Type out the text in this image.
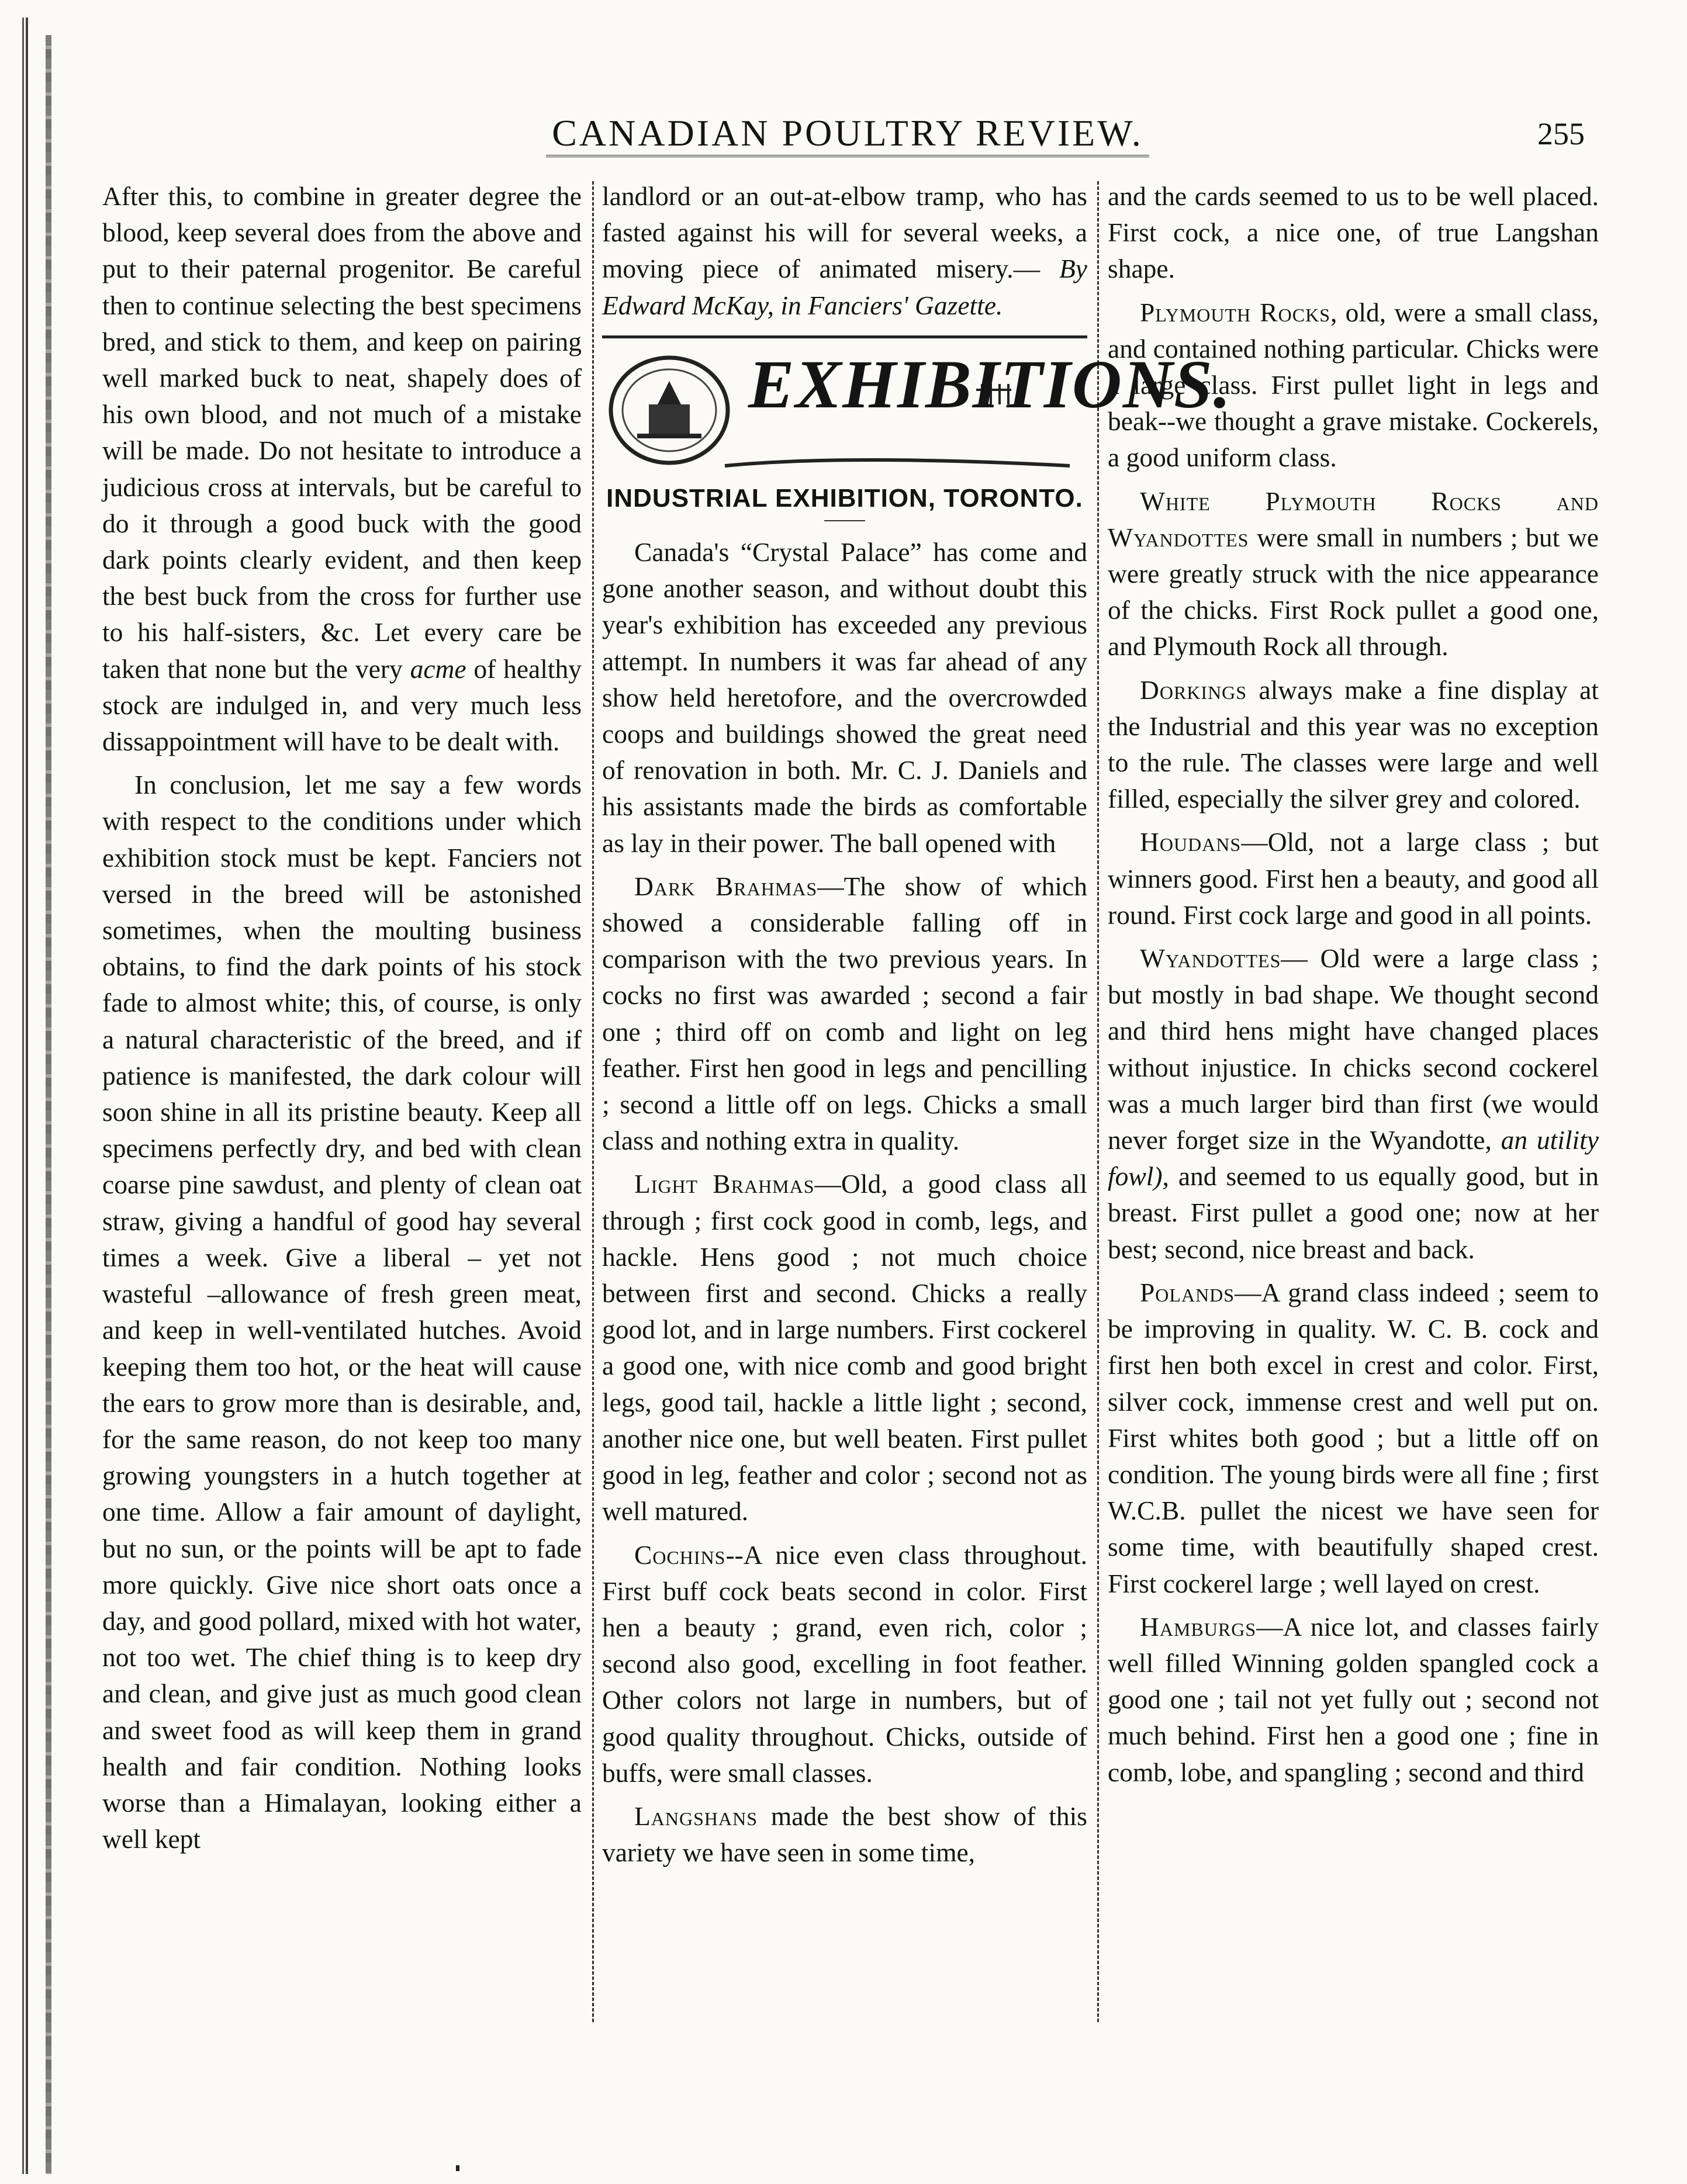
CANADIAN POULTRY REVIEW.	255

After this, to combine in greater degree the blood, keep several does from the above and put to their paternal progenitor. Be careful then to continue selecting the best specimens bred, and stick to them, and keep on pairing well marked buck to neat, shapely does of his own blood, and not much of a mistake will be made. Do not hesitate to introduce a judicious cross at intervals, but be careful to do it through a good buck with the good dark points clearly evident, and then keep the best buck from the cross for further use to his half-sisters, &c. Let every care be taken that none but the very acme of healthy stock are indulged in, and very much less dissappointment will have to be dealt with.

In conclusion, let me say a few words with respect to the conditions under which exhibition stock must be kept. Fanciers not versed in the breed will be astonished sometimes, when the moulting business obtains, to find the dark points of his stock fade to almost white; this, of course, is only a natural characteristic of the breed, and if patience is manifested, the dark colour will soon shine in all its pristine beauty. Keep all specimens perfectly dry, and bed with clean coarse pine sawdust, and plenty of clean oat straw, giving a handful of good hay several times a week. Give a liberal – yet not wasteful –allowance of fresh green meat, and keep in well-ventilated hutches. Avoid keeping them too hot, or the heat will cause the ears to grow more than is desirable, and, for the same reason, do not keep too many growing youngsters in a hutch together at one time. Allow a fair amount of daylight, but no sun, or the points will be apt to fade more quickly. Give nice short oats once a day, and good pollard, mixed with hot water, not too wet. The chief thing is to keep dry and clean, and give just as much good clean and sweet food as will keep them in grand health and fair condition. Nothing looks worse than a Himalayan, looking either a well kept

landlord or an out-at-elbow tramp, who has fasted against his will for several weeks, a moving piece of animated misery.— By Edward McKay, in Fanciers' Gazette.

EXHIBITIONS.
INDUSTRIAL EXHIBITION, TORONTO.

Canada's “Crystal Palace” has come and gone another season, and without doubt this year's exhibition has exceeded any previous attempt. In numbers it was far ahead of any show held heretofore, and the overcrowded coops and buildings showed the great need of renovation in both. Mr. C. J. Daniels and his assistants made the birds as comfortable as lay in their power. The ball opened with

Dark Brahmas—The show of which showed a considerable falling off in comparison with the two previous years. In cocks no first was awarded ; second a fair one ; third off on comb and light on leg feather. First hen good in legs and pencilling ; second a little off on legs. Chicks a small class and nothing extra in quality.

Light Brahmas—Old, a good class all through ; first cock good in comb, legs, and hackle. Hens good ; not much choice between first and second. Chicks a really good lot, and in large numbers. First cockerel a good one, with nice comb and good bright legs, good tail, hackle a little light ; second, another nice one, but well beaten. First pullet good in leg, feather and color ; second not as well matured.

Cochins--A nice even class throughout. First buff cock beats second in color. First hen a beauty ; grand, even rich, color ; second also good, excelling in foot feather. Other colors not large in numbers, but of good quality throughout. Chicks, outside of buffs, were small classes.

Langshans made the best show of this variety we have seen in some time,

and the cards seemed to us to be well placed. First cock, a nice one, of true Langshan shape.

Plymouth Rocks, old, were a small class, and contained nothing particular. Chicks were a large class. First pullet light in legs and beak--we thought a grave mistake. Cockerels, a good uniform class.

White Plymouth Rocks and Wyandottes were small in numbers ; but we were greatly struck with the nice appearance of the chicks. First Rock pullet a good one, and Plymouth Rock all through.

Dorkings always make a fine display at the Industrial and this year was no exception to the rule. The classes were large and well filled, especially the silver grey and colored.

Houdans—Old, not a large class ; but winners good. First hen a beauty, and good all round. First cock large and good in all points.

Wyandottes— Old were a large class ; but mostly in bad shape. We thought second and third hens might have changed places without injustice. In chicks second cockerel was a much larger bird than first (we would never forget size in the Wyandotte, an utility fowl), and seemed to us equally good, but in breast. First pullet a good one; now at her best; second, nice breast and back.

Polands—A grand class indeed ; seem to be improving in quality. W. C. B. cock and first hen both excel in crest and color. First, silver cock, immense crest and well put on. First whites both good ; but a little off on condition. The young birds were all fine ; first W.C.B. pullet the nicest we have seen for some time, with beautifully shaped crest. First cockerel large ; well layed on crest.

Hamburgs—A nice lot, and classes fairly well filled Winning golden spangled cock a good one ; tail not yet fully out ; second not much behind. First hen a good one ; fine in comb, lobe, and spangling ; second and third
